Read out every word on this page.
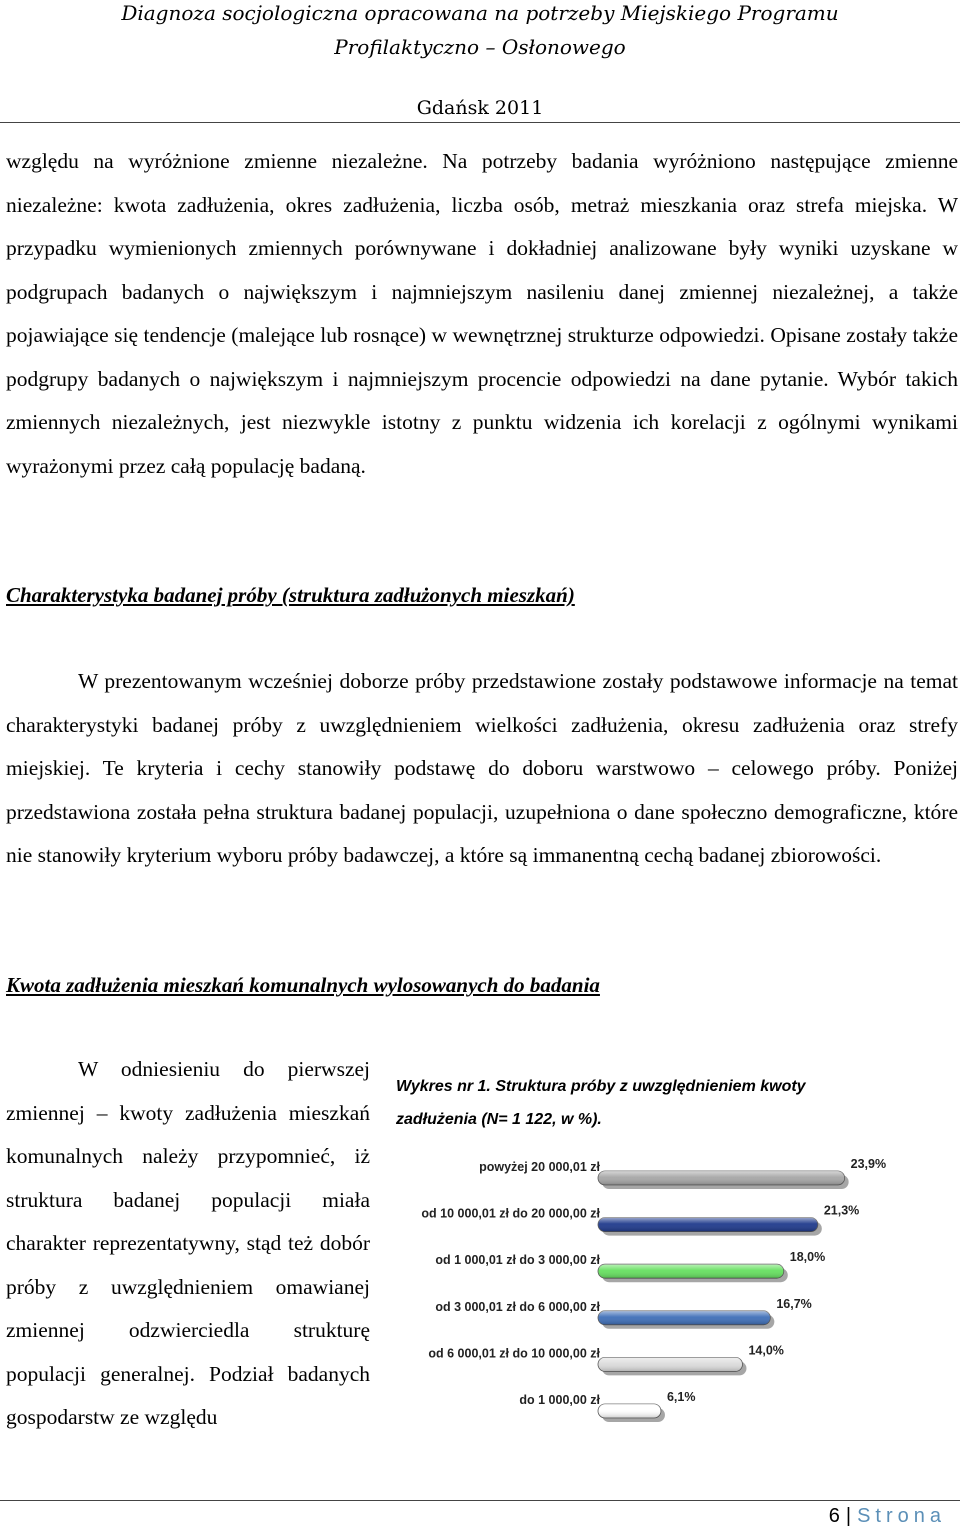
Diagnoza socjologiczna opracowana na potrzeby Miejskiego Programu
Profilaktyczno – Osłonowego
Gdańsk 2011
względu na wyróżnione zmienne niezależne. Na potrzeby badania wyróżniono następujące zmienne niezależne: kwota zadłużenia, okres zadłużenia, liczba osób, metraż mieszkania oraz strefa miejska. W przypadku wymienionych zmiennych porównywane i dokładniej analizowane były wyniki uzyskane w podgrupach badanych o największym i najmniejszym nasileniu danej zmiennej niezależnej, a także pojawiające się tendencje (malejące lub rosnące) w wewnętrznej strukturze odpowiedzi. Opisane zostały także podgrupy badanych o największym i najmniejszym procencie odpowiedzi na dane pytanie. Wybór takich zmiennych niezależnych, jest niezwykle istotny z punktu widzenia ich korelacji z ogólnymi wynikami wyrażonymi przez całą populację badaną.
Charakterystyka badanej próby (struktura zadłużonych mieszkań)
W prezentowanym wcześniej doborze próby przedstawione zostały podstawowe informacje na temat charakterystyki badanej próby z uwzględnieniem wielkości zadłużenia, okresu zadłużenia oraz strefy miejskiej. Te kryteria i cechy stanowiły podstawę do doboru warstwowo – celowego próby. Poniżej przedstawiona została pełna struktura badanej populacji, uzupełniona o dane społeczno demograficzne, które nie stanowiły kryterium wyboru próby badawczej, a które są immanentną cechą badanej zbiorowości.
Kwota zadłużenia mieszkań komunalnych wylosowanych do badania
W odniesieniu do pierwszej zmiennej – kwoty zadłużenia mieszkań komunalnych należy przypomnieć, iż struktura badanej populacji miała charakter reprezentatywny, stąd też dobór próby z uwzględnieniem omawianej zmiennej odzwierciedla strukturę populacji generalnej. Podział badanych gospodarstw ze względu
Wykres nr 1. Struktura próby z uwzględnieniem kwoty
zadłużenia (N= 1 122, w %).
powyżej 20 000,01 zł	23,9%
od 10 000,01 zł do 20 000,00 zł	21,3%
od 1 000,01 zł do 3 000,00 zł	18,0%
od 3 000,01 zł do 6 000,00 zł	16,7%
od 6 000,01 zł do 10 000,00 zł	14,0%
do 1 000,00 zł	6,1%
6 | Strona
